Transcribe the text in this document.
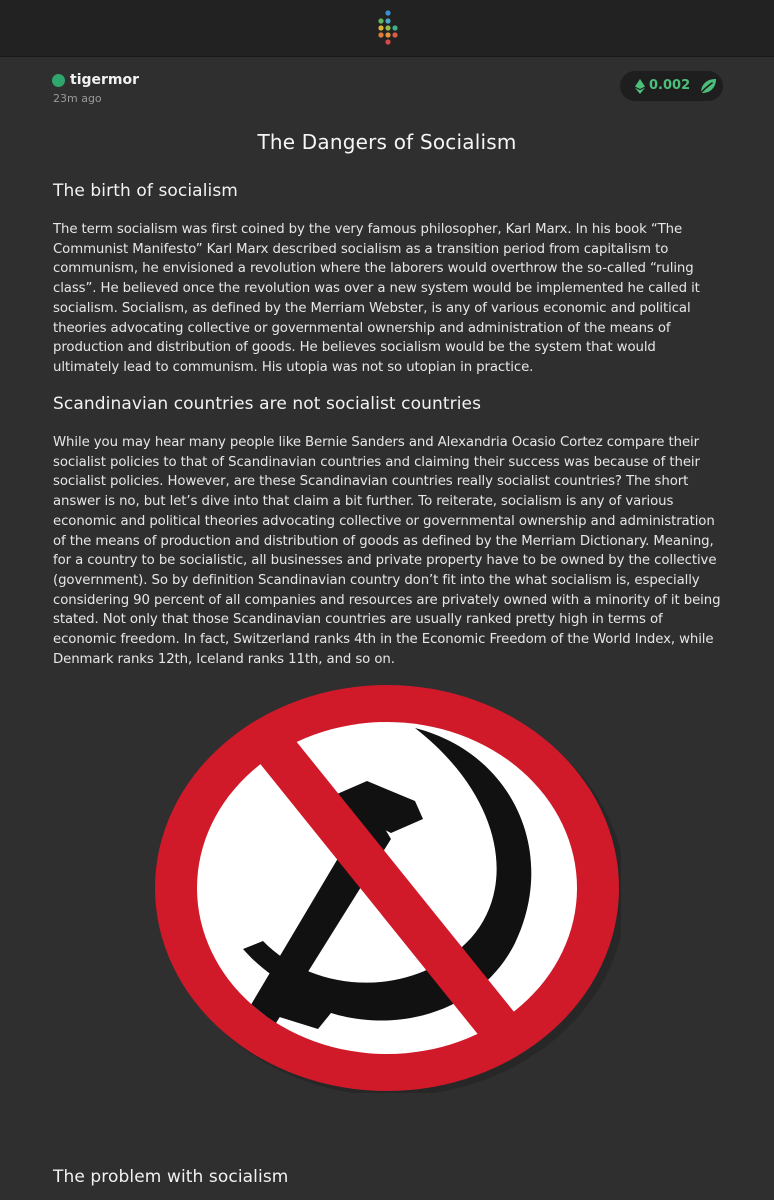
tigermor
23m ago
0.002
The Dangers of Socialism
The birth of socialism

The term socialism was first coined by the very famous philosopher, Karl Marx. In his book “The Communist Manifesto” Karl Marx described socialism as a transition period from capitalism to communism, he envisioned a revolution where the laborers would overthrow the so-called “ruling class”. He believed once the revolution was over a new system would be implemented he called it socialism. Socialism, as defined by the Merriam Webster, is any of various economic and political theories advocating collective or governmental ownership and administration of the means of production and distribution of goods. He believes socialism would be the system that would ultimately lead to communism. His utopia was not so utopian in practice.

Scandinavian countries are not socialist countries

While you may hear many people like Bernie Sanders and Alexandria Ocasio Cortez compare their socialist policies to that of Scandinavian countries and claiming their success was because of their socialist policies. However, are these Scandinavian countries really socialist countries? The short answer is no, but let’s dive into that claim a bit further. To reiterate, socialism is any of various economic and political theories advocating collective or governmental ownership and administration of the means of production and distribution of goods as defined by the Merriam Dictionary. Meaning, for a country to be socialistic, all businesses and private property have to be owned by the collective (government). So by definition Scandinavian country don’t fit into the what socialism is, especially considering 90 percent of all companies and resources are privately owned with a minority of it being stated. Not only that those Scandinavian countries are usually ranked pretty high in terms of economic freedom. In fact, Switzerland ranks 4th in the Economic Freedom of the World Index, while Denmark ranks 12th, Iceland ranks 11th, and so on.

The problem with socialism
